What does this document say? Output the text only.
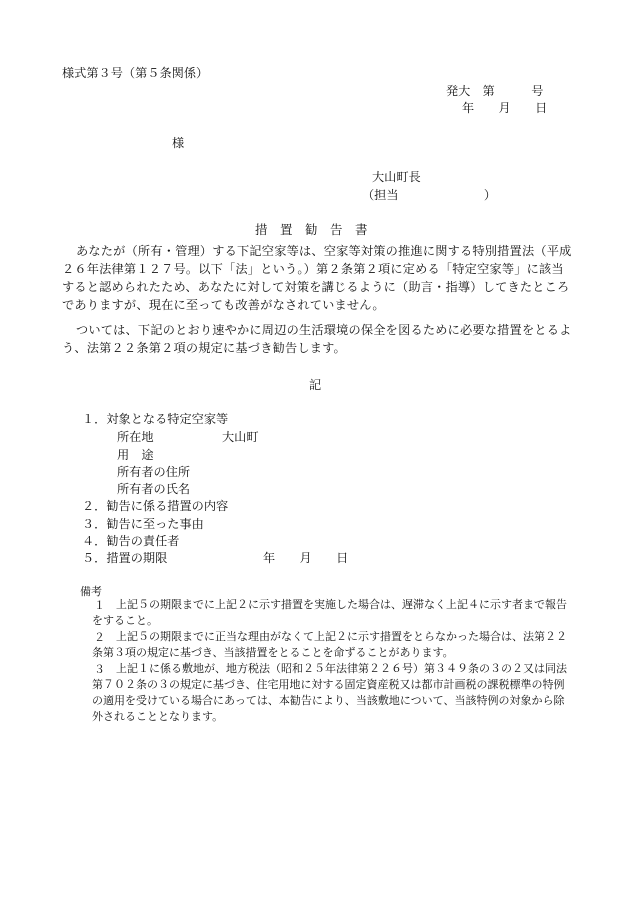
様式第３号（第５条関係）
発大　第　　　号
年　　月　　日
様
大山町長
（担当　　　　　　　）
措　置　勧　告　書
あなたが（所有・管理）する下記空家等は、空家等対策の推進に関する特別措置法（平成２６年法律第１２７号。以下「法」という。）第２条第２項に定める「特定空家等」に該当すると認められたため、あなたに対して対策を講じるように（助言・指導）してきたところでありますが、現在に至っても改善がなされていません。
ついては、下記のとおり速やかに周辺の生活環境の保全を図るために必要な措置をとるよう、法第２２条第２項の規定に基づき勧告します。
記
１．対象となる特定空家等
所在地	大山町
用　途
所有者の住所
所有者の氏名
２．勧告に係る措置の内容
３．勧告に至った事由
４．勧告の責任者
５．措置の期限	年　　月　　日
備考
１	上記５の期限までに上記２に示す措置を実施した場合は、遅滞なく上記４に示す者まで報告をすること。
２	上記５の期限までに正当な理由がなくて上記２に示す措置をとらなかった場合は、法第２２条第３項の規定に基づき、当該措置をとることを命ずることがあります。
３	上記１に係る敷地が、地方税法（昭和２５年法律第２２６号）第３４９条の３の２又は同法第７０２条の３の規定に基づき、住宅用地に対する固定資産税又は都市計画税の課税標準の特例の適用を受けている場合にあっては、本勧告により、当該敷地について、当該特例の対象から除外されることとなります。
